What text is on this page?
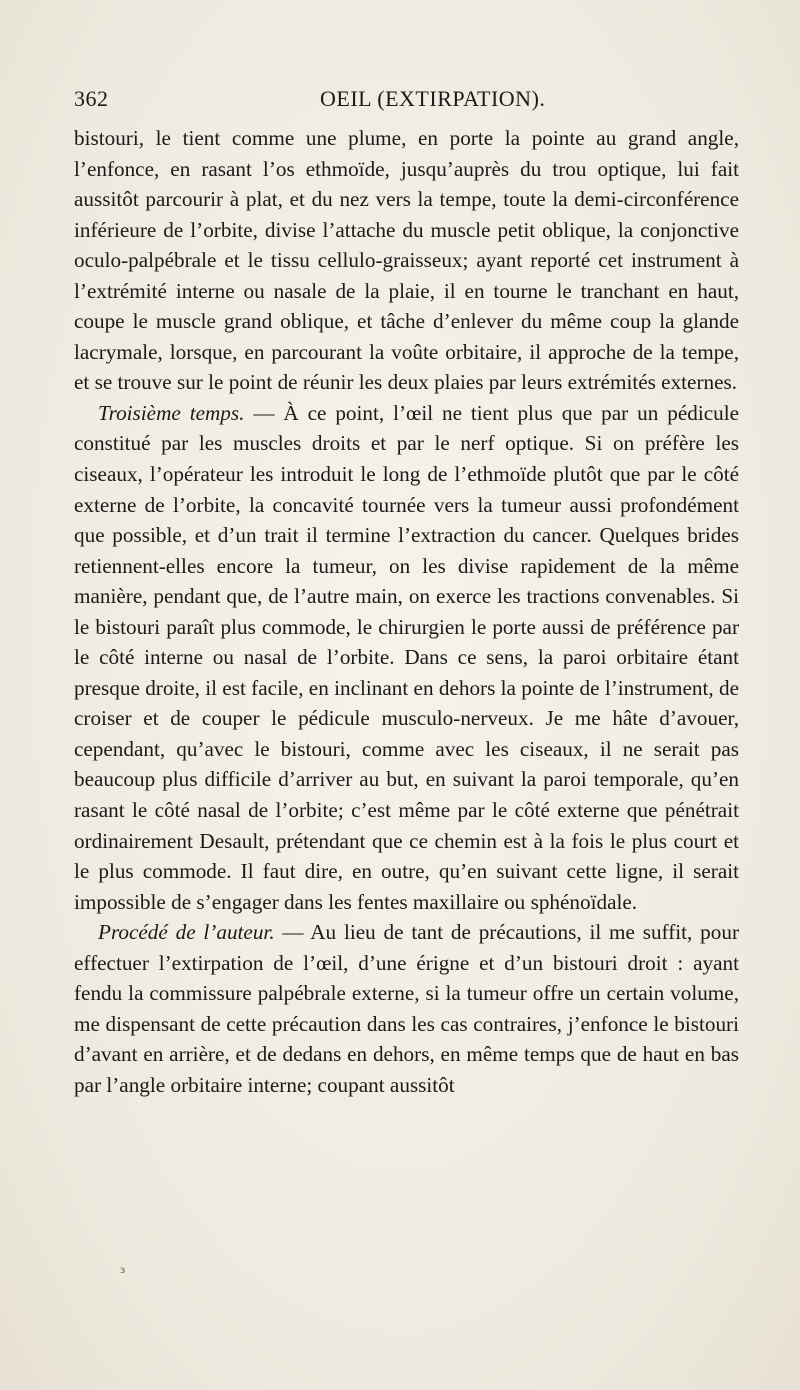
362	OEIL (EXTIRPATION).

bistouri, le tient comme une plume, en porte la pointe au grand angle, l’enfonce, en rasant l’os ethmoïde, jusqu’auprès du trou optique, lui fait aussitôt parcourir à plat, et du nez vers la tempe, toute la demi-circonférence inférieure de l’orbite, divise l’attache du muscle petit oblique, la conjonctive oculo-palpébrale et le tissu cellulo-graisseux; ayant reporté cet instrument à l’extrémité interne ou nasale de la plaie, il en tourne le tranchant en haut, coupe le muscle grand oblique, et tâche d’enlever du même coup la glande lacrymale, lorsque, en parcourant la voûte orbitaire, il approche de la tempe, et se trouve sur le point de réunir les deux plaies par leurs extrémités externes.

Troisième temps. — À ce point, l’œil ne tient plus que par un pédicule constitué par les muscles droits et par le nerf optique. Si on préfère les ciseaux, l’opérateur les introduit le long de l’ethmoïde plutôt que par le côté externe de l’orbite, la concavité tournée vers la tumeur aussi profondément que possible, et d’un trait il termine l’extraction du cancer. Quelques brides retiennent-elles encore la tumeur, on les divise rapidement de la même manière, pendant que, de l’autre main, on exerce les tractions convenables. Si le bistouri paraît plus commode, le chirurgien le porte aussi de préférence par le côté interne ou nasal de l’orbite. Dans ce sens, la paroi orbitaire étant presque droite, il est facile, en inclinant en dehors la pointe de l’instrument, de croiser et de couper le pédicule musculo-nerveux. Je me hâte d’avouer, cependant, qu’avec le bistouri, comme avec les ciseaux, il ne serait pas beaucoup plus difficile d’arriver au but, en suivant la paroi temporale, qu’en rasant le côté nasal de l’orbite; c’est même par le côté externe que pénétrait ordinairement Desault, prétendant que ce chemin est à la fois le plus court et le plus commode. Il faut dire, en outre, qu’en suivant cette ligne, il serait impossible de s’engager dans les fentes maxillaire ou sphénoïdale.

Procédé de l’auteur. — Au lieu de tant de précautions, il me suffit, pour effectuer l’extirpation de l’œil, d’une érigne et d’un bistouri droit : ayant fendu la commissure palpébrale externe, si la tumeur offre un certain volume, me dispensant de cette précaution dans les cas contraires, j’enfonce le bistouri d’avant en arrière, et de dedans en dehors, en même temps que de haut en bas par l’angle orbitaire interne; coupant aussitôt

ɜ
